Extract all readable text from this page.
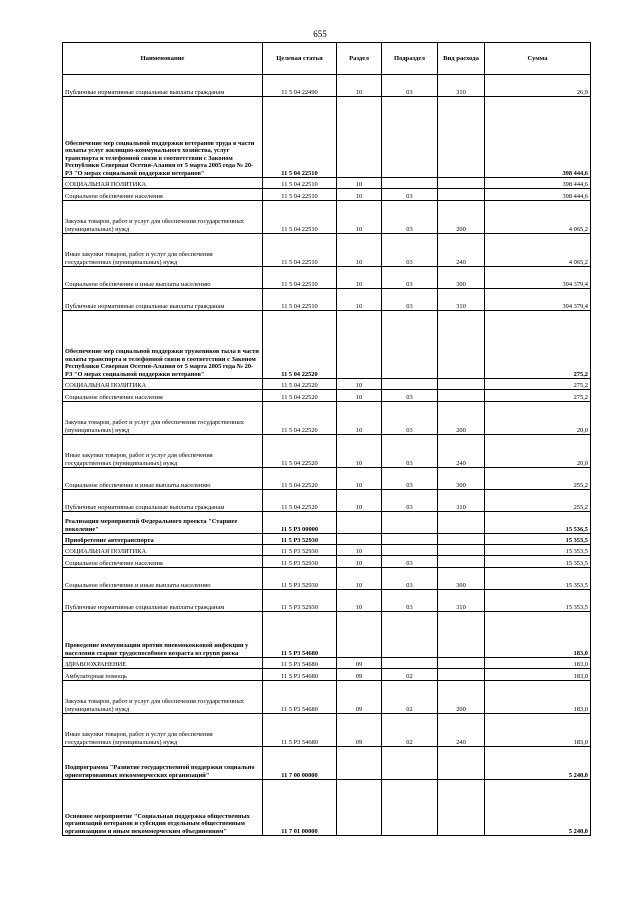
655
Наименование	Целевая статья	Раздел	Подраздел	Вид расхода	Сумма
Публичные нормативные социальные выплаты гражданам	11 5 04 22490	10	03	310	26,9
Обеспечение мер социальной поддержки ветеранов труда в части оплаты услуг жилищно-коммунального хозяйства, услуг транспорта и телефонной связи в соответствии с Законом Республики Северная Осетия-Алания от 5 марта 2005 года № 20- РЗ "О мерах социальной поддержки ветеранов"	11 5 04 22510				398 444,6
СОЦИАЛЬНАЯ ПОЛИТИКА	11 5 04 22510	10			398 444,6
Социальное обеспечение населения	11 5 04 22510	10	03		398 444,6
Закупка товаров, работ и услуг для обеспечения государственных (муниципальных) нужд	11 5 04 22510	10	03	200	4 065,2
Иные закупки товаров, работ и услуг для обеспечения государственных (муниципальных) нужд	11 5 04 22510	10	03	240	4 065,2
Социальное обеспечение и иные выплаты населению	11 5 04 22510	10	03	300	394 379,4
Публичные нормативные социальные выплаты гражданам	11 5 04 22510	10	03	310	394 379,4
Обеспечение мер социальной поддержки тружеников тыла в части оплаты транспорта и телефонной связи в соответствии с Законом Республики Северная Осетия-Алания от 5 марта 2005 года № 20-РЗ "О мерах социальной поддержки ветеранов"	11 5 04 22520				275,2
СОЦИАЛЬНАЯ ПОЛИТИКА	11 5 04 22520	10			275,2
Социальное обеспечение населения	11 5 04 22520	10	03		275,2
Закупка товаров, работ и услуг для обеспечения государственных (муниципальных) нужд	11 5 04 22520	10	03	200	20,0
Иные закупки товаров, работ и услуг для обеспечения государственных (муниципальных) нужд	11 5 04 22520	10	03	240	20,0
Социальное обеспечение и иные выплаты населению	11 5 04 22520	10	03	300	255,2
Публичные нормативные социальные выплаты гражданам	11 5 04 22520	10	03	310	255,2
Реализация мероприятий Федерального проекта "Старшее поколение"	11 5 P3 00000				15 536,5
Приобретение автотранспорта	11 5 P3 52930				15 353,5
СОЦИАЛЬНАЯ ПОЛИТИКА	11 5 P3 52930	10			15 353,5
Социальное обеспечение населения	11 5 P3 52930	10	03		15 353,5
Социальное обеспечение и иные выплаты населению	11 5 P3 52930	10	03	300	15 353,5
Публичные нормативные социальные выплаты гражданам	11 5 P3 52930	10	03	310	15 353,5
Проведение иммунизации против пневмококковой инфекции у населения старше трудоспособного возраста из групп риска	11 5 P3 54680				183,0
ЗДРАВООХРАНЕНИЕ	11 5 P3 54680	09			183,0
Амбулаторная помощь	11 5 P3 54680	09	02		183,0
Закупка товаров, работ и услуг для обеспечения государственных (муниципальных) нужд	11 5 P3 54680	09	02	200	183,0
Иные закупки товаров, работ и услуг для обеспечения государственных (муниципальных) нужд	11 5 P3 54680	09	02	240	183,0
Подпрограмма "Развитие государственной поддержки социально ориентированных некоммерческих организаций"	11 7 00 00000				5 240,0
Основное мероприятие "Социальная поддержка общественных организаций ветеранов и субсидии отдельным общественным организациям и иным некоммерческим объединениям"	11 7 01 00000				5 240,0
